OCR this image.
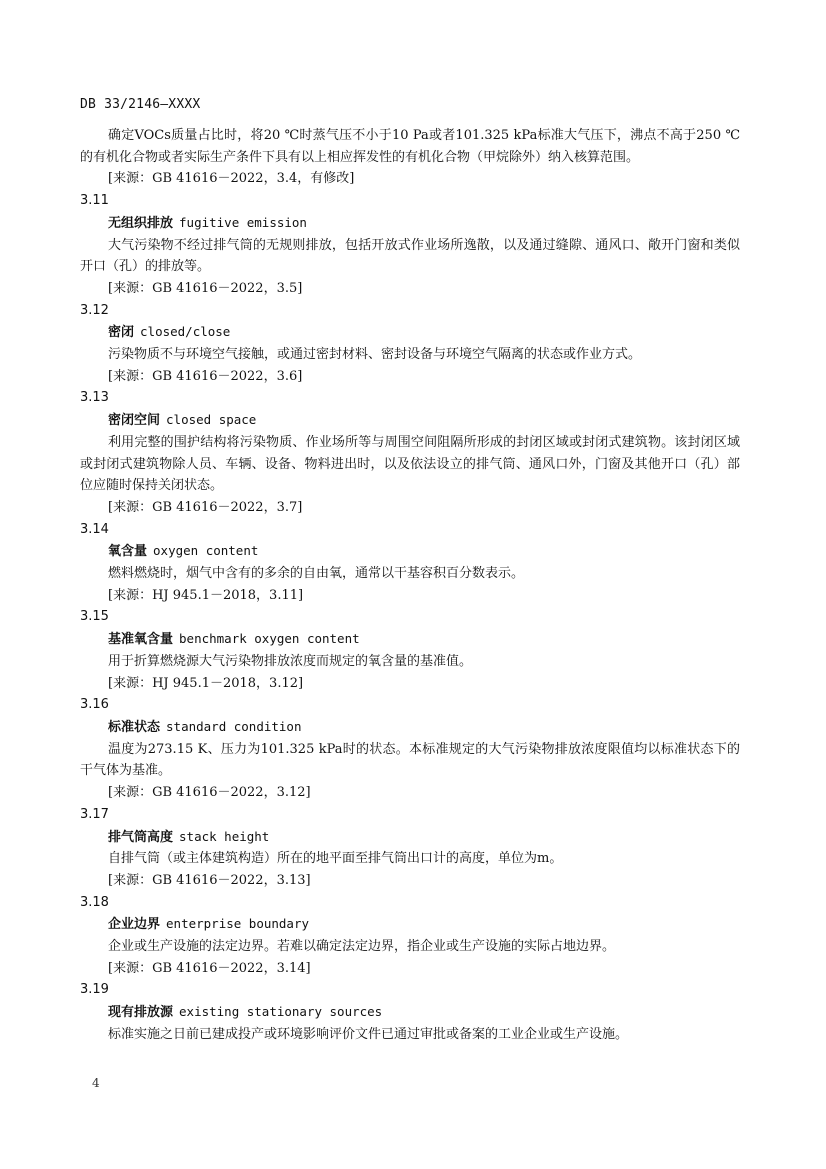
DB 33/2146—XXXX

确定VOCs质量占比时，将20 ℃时蒸气压不小于10 Pa或者101.325 kPa标准大气压下，沸点不高于250 ℃的有机化合物或者实际生产条件下具有以上相应挥发性的有机化合物（甲烷除外）纳入核算范围。

[来源：GB 41616－2022，3.4，有修改]

3.11

无组织排放 fugitive emission

大气污染物不经过排气筒的无规则排放，包括开放式作业场所逸散，以及通过缝隙、通风口、敞开门窗和类似开口（孔）的排放等。

[来源：GB 41616－2022，3.5]

3.12

密闭 closed/close

污染物质不与环境空气接触，或通过密封材料、密封设备与环境空气隔离的状态或作业方式。

[来源：GB 41616－2022，3.6]

3.13

密闭空间 closed space

利用完整的围护结构将污染物质、作业场所等与周围空间阻隔所形成的封闭区域或封闭式建筑物。该封闭区域或封闭式建筑物除人员、车辆、设备、物料进出时，以及依法设立的排气筒、通风口外，门窗及其他开口（孔）部位应随时保持关闭状态。

[来源：GB 41616－2022，3.7]

3.14

氧含量 oxygen content

燃料燃烧时，烟气中含有的多余的自由氧，通常以干基容积百分数表示。

[来源：HJ 945.1－2018，3.11]

3.15

基准氧含量 benchmark oxygen content

用于折算燃烧源大气污染物排放浓度而规定的氧含量的基准值。

[来源：HJ 945.1－2018，3.12]

3.16

标准状态 standard condition

温度为273.15 K、压力为101.325 kPa时的状态。本标准规定的大气污染物排放浓度限值均以标准状态下的干气体为基准。

[来源：GB 41616－2022，3.12]

3.17

排气筒高度 stack height

自排气筒（或主体建筑构造）所在的地平面至排气筒出口计的高度，单位为m。

[来源：GB 41616－2022，3.13]

3.18

企业边界 enterprise boundary

企业或生产设施的法定边界。若难以确定法定边界，指企业或生产设施的实际占地边界。

[来源：GB 41616－2022，3.14]

3.19

现有排放源 existing stationary sources

标准实施之日前已建成投产或环境影响评价文件已通过审批或备案的工业企业或生产设施。

4
